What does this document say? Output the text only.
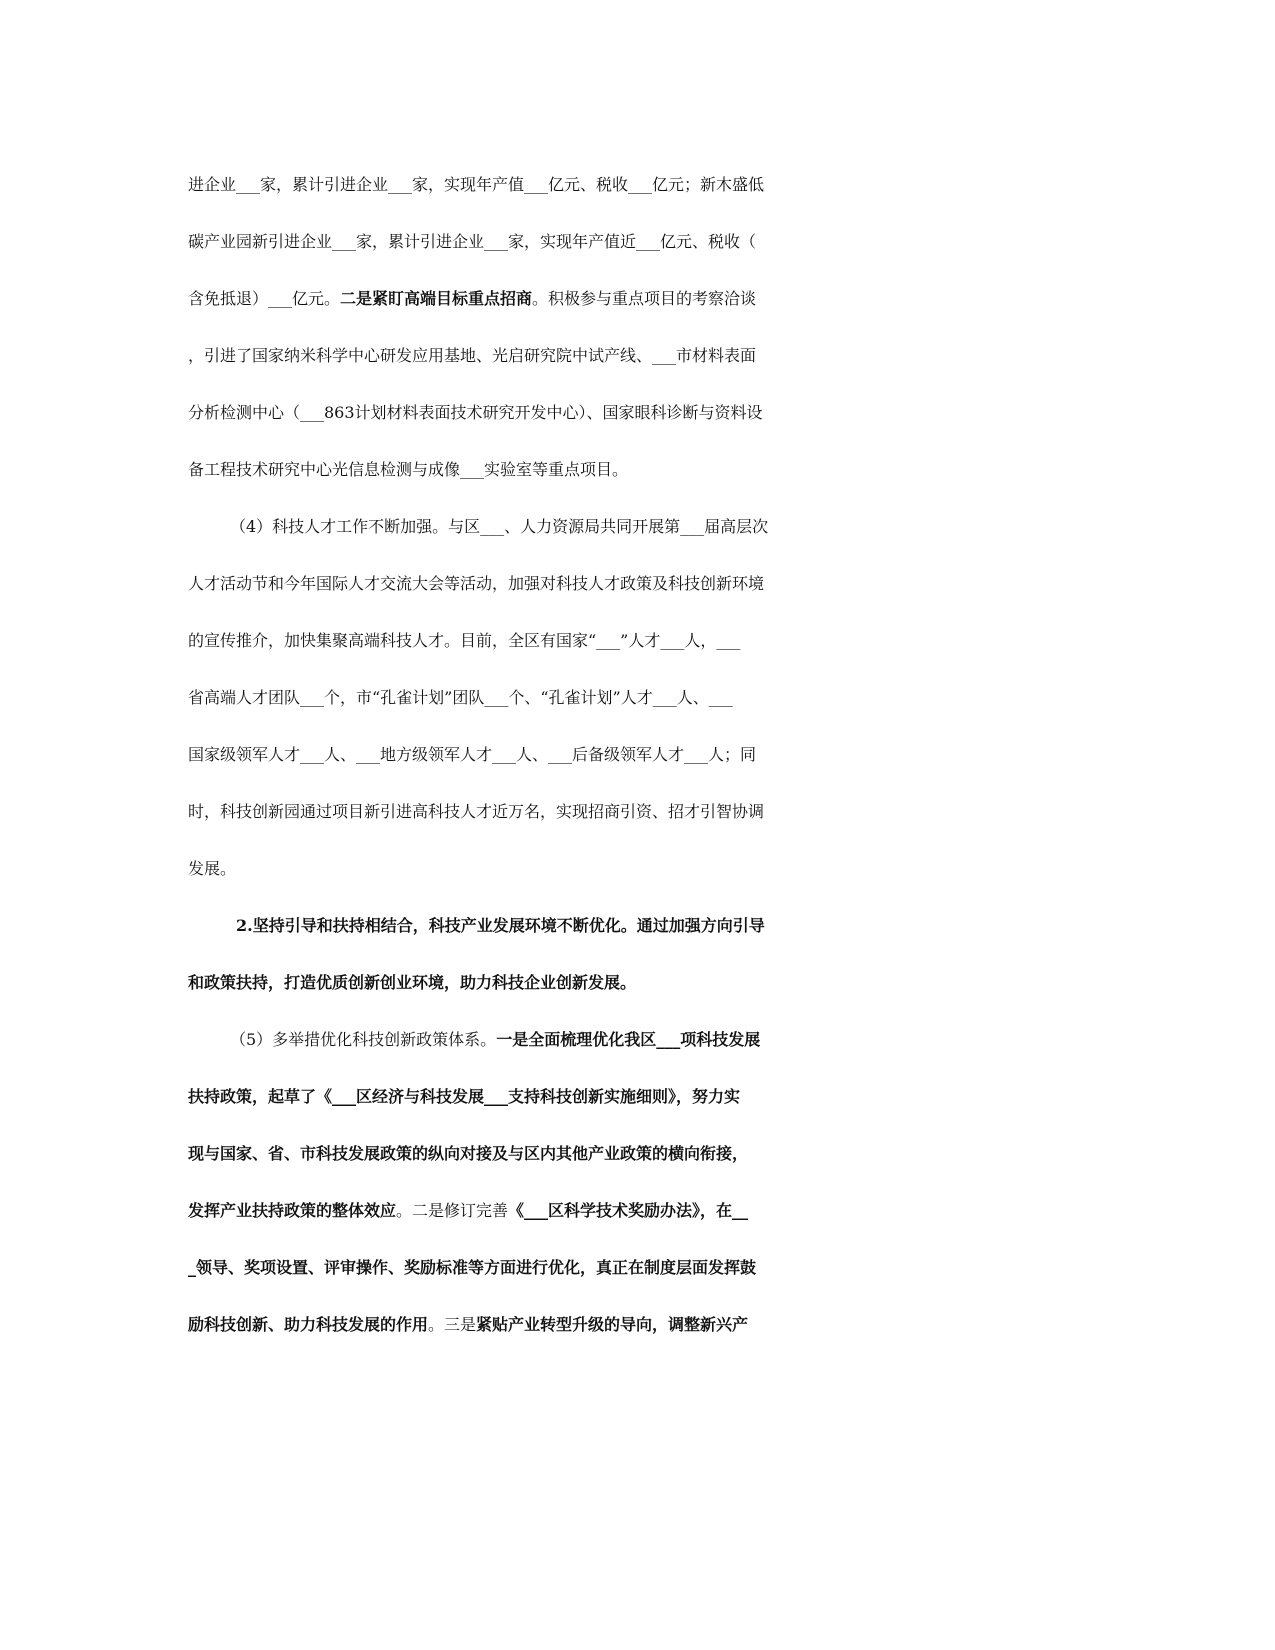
进企业___家，累计引进企业___家，实现年产值___亿元、税收___亿元；新木盛低
碳产业园新引进企业___家，累计引进企业___家，实现年产值近___亿元、税收（
含免抵退）___亿元。二是紧盯高端目标重点招商。积极参与重点项目的考察洽谈
，引进了国家纳米科学中心研发应用基地、光启研究院中试产线、___市材料表面
分析检测中心（___863计划材料表面技术研究开发中心）、国家眼科诊断与资料设
备工程技术研究中心光信息检测与成像___实验室等重点项目。
（4）科技人才工作不断加强。与区___、人力资源局共同开展第___届高层次
人才活动节和今年国际人才交流大会等活动，加强对科技人才政策及科技创新环境
的宣传推介，加快集聚高端科技人才。目前，全区有国家“___”人才___人，___
省高端人才团队___个，市“孔雀计划”团队___个、“孔雀计划”人才___人、___
国家级领军人才___人、___地方级领军人才___人、___后备级领军人才___人；同
时，科技创新园通过项目新引进高科技人才近万名，实现招商引资、招才引智协调
发展。
2.坚持引导和扶持相结合，科技产业发展环境不断优化。通过加强方向引导
和政策扶持，打造优质创新创业环境，助力科技企业创新发展。
（5）多举措优化科技创新政策体系。一是全面梳理优化我区___项科技发展
扶持政策，起草了《___区经济与科技发展___支持科技创新实施细则》，努力实
现与国家、省、市科技发展政策的纵向对接及与区内其他产业政策的横向衔接，
发挥产业扶持政策的整体效应。二是修订完善《___区科学技术奖励办法》，在__
_领导、奖项设置、评审操作、奖励标准等方面进行优化，真正在制度层面发挥鼓
励科技创新、助力科技发展的作用。三是紧贴产业转型升级的导向，调整新兴产
